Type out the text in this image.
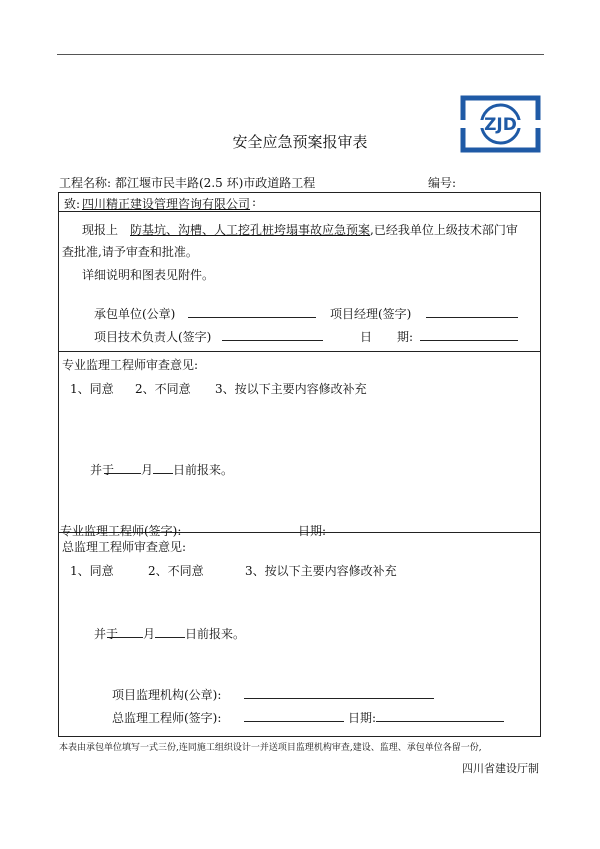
ZJD
安全应急预案报审表
工程名称: 都江堰市民丰路(2.5 环)市政道路工程	编号:
致: 四川精正建设管理咨询有限公司 :
现报上 防基坑、沟槽、人工挖孔桩垮塌事故应急预案 ,已经我单位上级技术部门审
查批准,请予审查和批准。
详细说明和图表见附件。
承包单位(公章)	项目经理(签字)
项目技术负责人(签字)	日 期:
专业监理工程师审查意见:
1、同意 2、不同意 3、按以下主要内容修改补充
并于 月 日前报来。
专业监理工程师(签字):	日期:
总监理工程师审查意见:
1、同意	2、不同意	3、按以下主要内容修改补充
并于 月 日前报来。
项目监理机构(公章):
总监理工程师(签字):	日期:
本表由承包单位填写一式三份,连同施工组织设计一并送项目监理机构审查,建设、监理、承包单位各留一份,
四川省建设厅制
